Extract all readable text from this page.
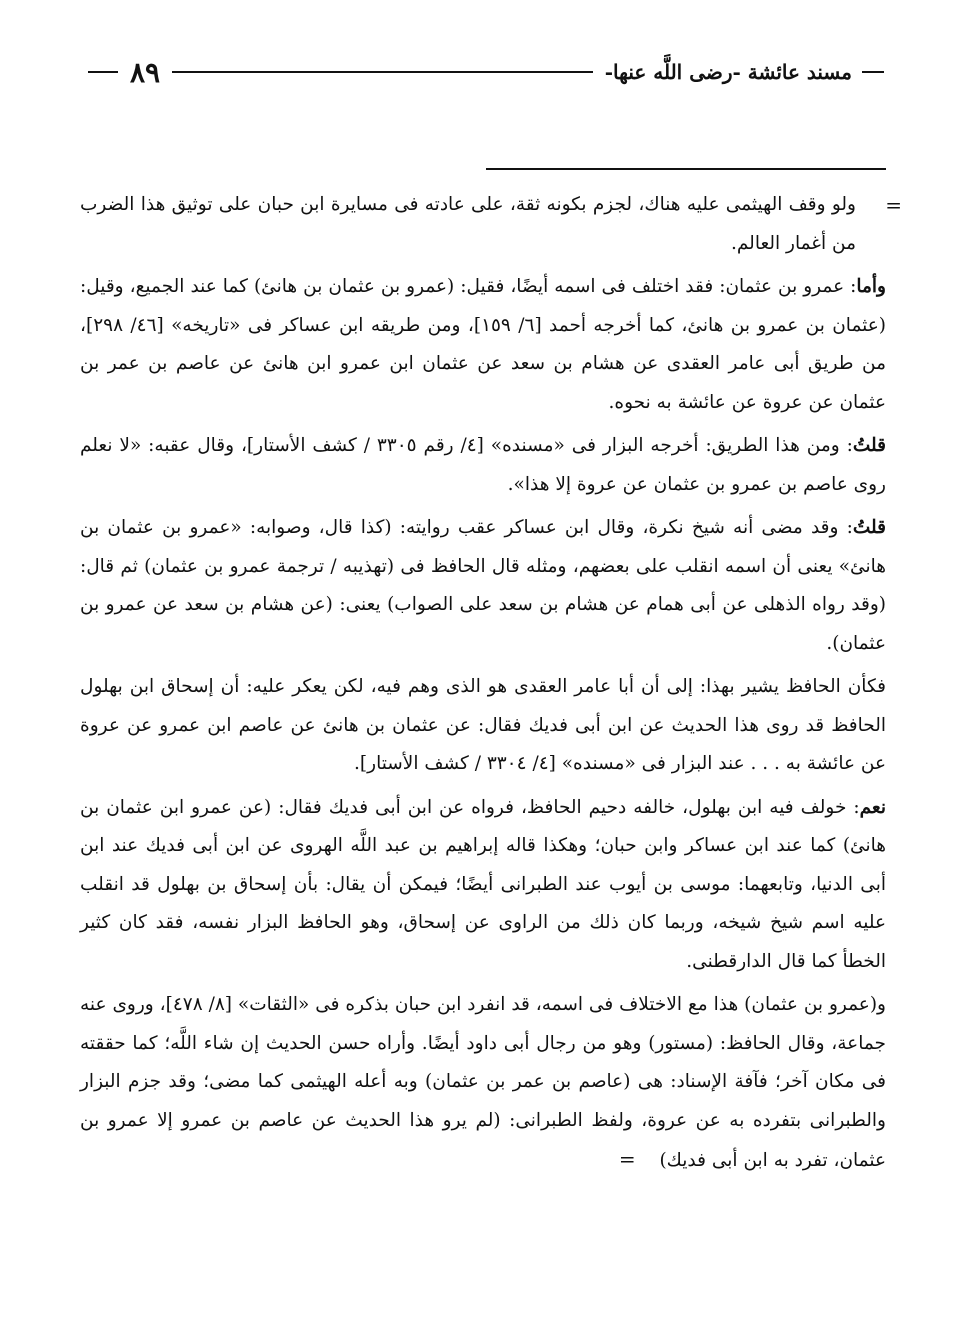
مسند عائشة -رضى اللَّه عنها-
٨٩
=

ولو وقف الهيثمى عليه هناك، لجزم بكونه ثقة، على عادته فى مسايرة ابن حبان على توثيق هذا الضرب من أغمار العالم.

وأما: عمرو بن عثمان: فقد اختلف فى اسمه أيضًا، فقيل: (عمرو بن عثمان بن هانئ) كما عند الجميع، وقيل: (عثمان بن عمرو بن هانئ، كما أخرجه أحمد [٦/ ١٥٩]، ومن طريقه ابن عساكر فى «تاريخه» [٤٦/ ٢٩٨]، من طريق أبى عامر العقدى عن هشام بن سعد عن عثمان ابن عمرو ابن هانئ عن عاصم بن عمر بن عثمان عن عروة عن عائشة به نحوه.

قلتُ: ومن هذا الطريق: أخرجه البزار فى «مسنده» [٤/ رقم ٣٣٠٥ / كشف الأستار]، وقال عقبه: «لا نعلم روى عاصم بن عمرو بن عثمان عن عروة إلا هذا».

قلتُ: وقد مضى أنه شيخ نكرة، وقال ابن عساكر عقب روايته: (كذا قال، وصوابه: «عمرو بن عثمان بن هانئ» يعنى أن اسمه انقلب على بعضهم، ومثله قال الحافظ فى (تهذيبه / ترجمة عمرو بن عثمان) ثم قال: (وقد رواه الذهلى عن أبى همام عن هشام بن سعد على الصواب) يعنى: (عن هشام بن سعد عن عمرو بن عثمان).

فكأن الحافظ يشير بهذا: إلى أن أبا عامر العقدى هو الذى وهم فيه، لكن يعكر عليه: أن إسحاق ابن بهلول الحافظ قد روى هذا الحديث عن ابن أبى فديك فقال: عن عثمان بن هانئ عن عاصم ابن عمرو عن عروة عن عائشة به . . . عند البزار فى «مسنده» [٤/ ٣٣٠٤ / كشف الأستار].

نعم: خولف فيه ابن بهلول، خالفه دحيم الحافظ، فرواه عن ابن أبى فديك فقال: (عن عمرو ابن عثمان بن هانئ) كما عند ابن عساكر وابن حبان؛ وهكذا قاله إبراهيم بن عبد اللَّه الهروى عن ابن أبى فديك عند ابن أبى الدنيا، وتابعهما: موسى بن أيوب عند الطبرانى أيضًا؛ فيمكن أن يقال: بأن إسحاق بن بهلول قد انقلب عليه اسم شيخ شيخه، وربما كان ذلك من الراوى عن إسحاق، وهو الحافظ البزار نفسه، فقد كان كثير الخطأ كما قال الدارقطنى.

و(عمرو بن عثمان) هذا مع الاختلاف فى اسمه، قد انفرد ابن حبان بذكره فى «الثقات» [٨/ ٤٧٨]، وروى عنه جماعة، وقال الحافظ: (مستور) وهو من رجال أبى داود أيضًا. وأراه حسن الحديث إن شاء اللَّه؛ كما حققته فى مكان آخر؛ فآفة الإسناد: هى (عاصم بن عمر بن عثمان) وبه أعله الهيثمى كما مضى؛ وقد جزم البزار والطبرانى بتفرده به عن عروة، ولفظ الطبرانى: (لم يرو هذا الحديث عن عاصم بن عمرو إلا عمرو بن عثمان، تفرد به ابن أبى فديك) =
